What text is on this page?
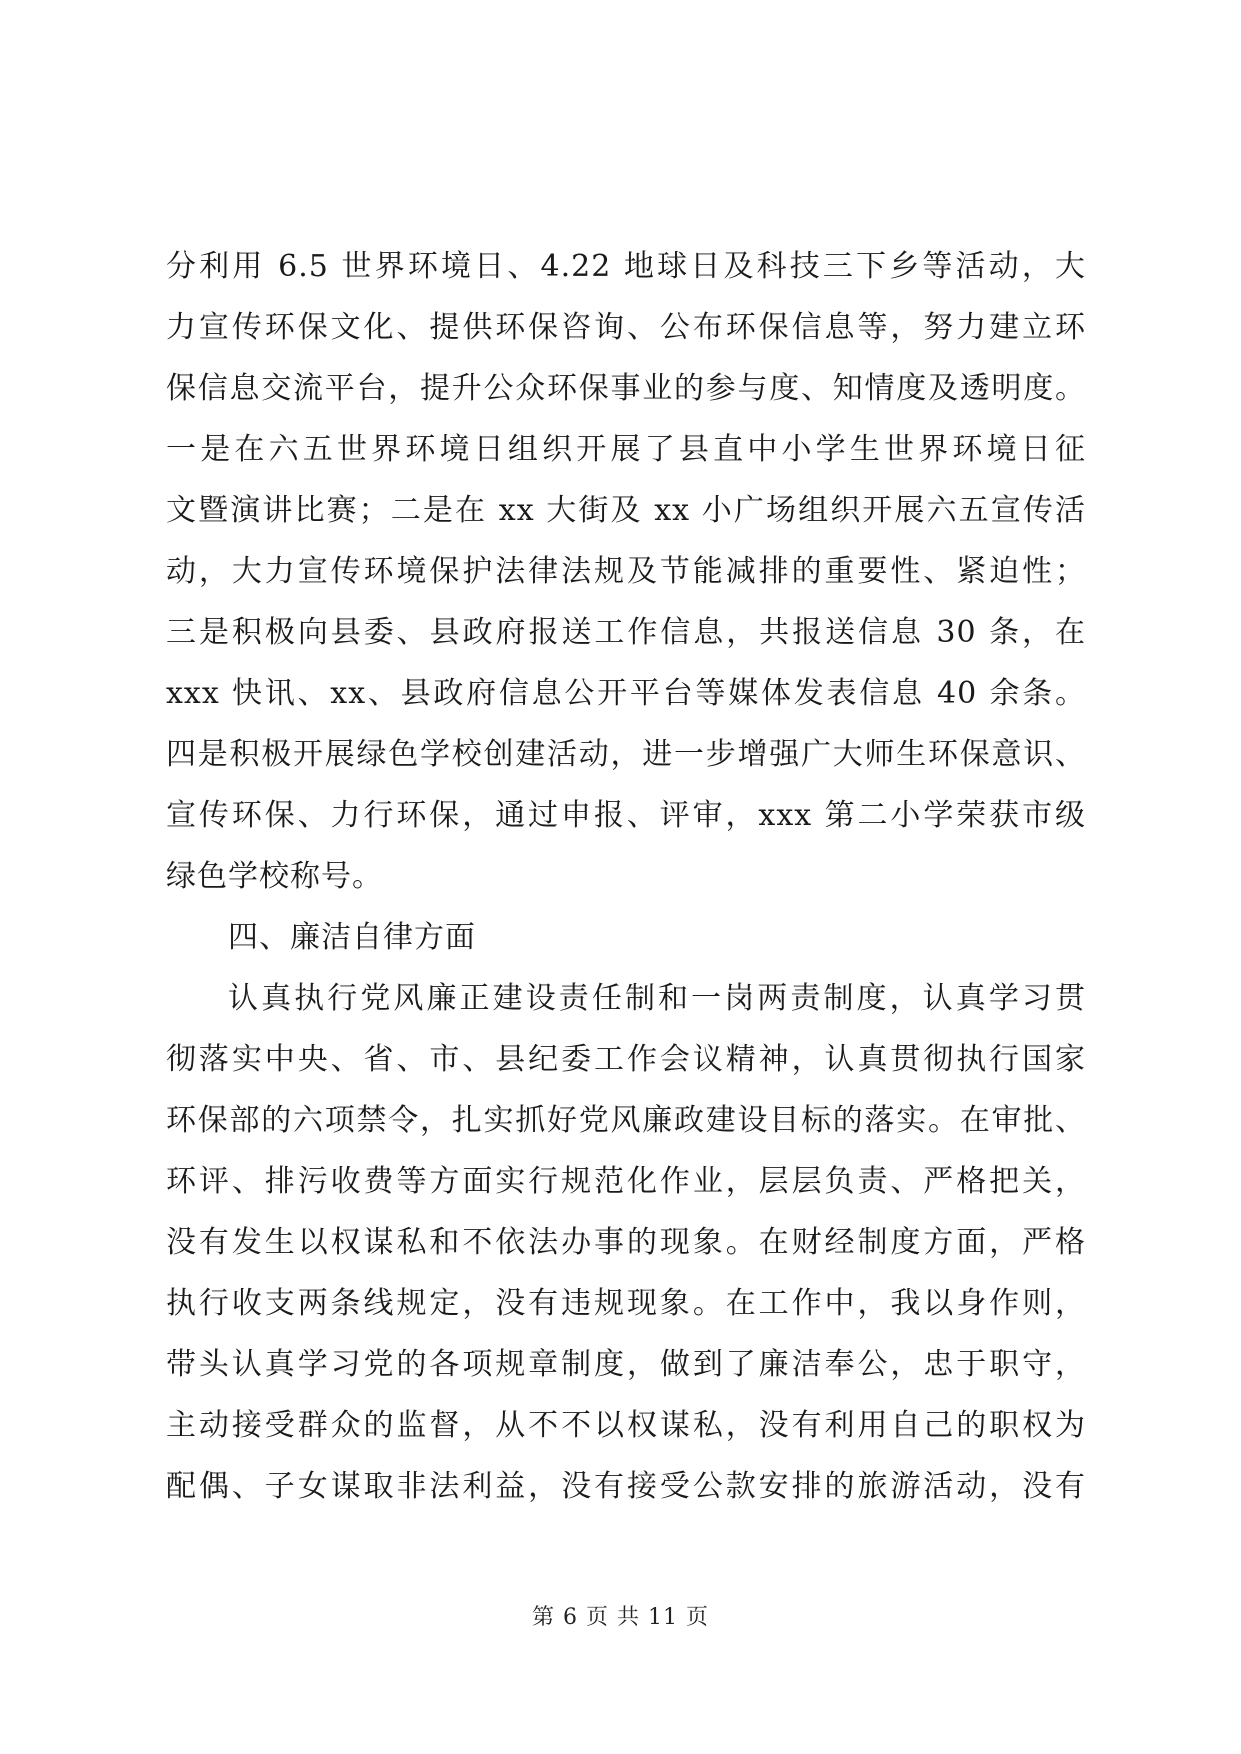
分利用 6.5 世界环境日、4.22 地球日及科技三下乡等活动，大
力宣传环保文化、提供环保咨询、公布环保信息等，努力建立环
保信息交流平台，提升公众环保事业的参与度、知情度及透明度。
一是在六五世界环境日组织开展了县直中小学生世界环境日征
文暨演讲比赛；二是在 xx 大街及 xx 小广场组织开展六五宣传活
动，大力宣传环境保护法律法规及节能减排的重要性、紧迫性；
三是积极向县委、县政府报送工作信息，共报送信息 30 条，在
xxx 快讯、xx、县政府信息公开平台等媒体发表信息 40 余条。
四是积极开展绿色学校创建活动，进一步增强广大师生环保意识、
宣传环保、力行环保，通过申报、评审，xxx 第二小学荣获市级
绿色学校称号。
四、廉洁自律方面
认真执行党风廉正建设责任制和一岗两责制度，认真学习贯
彻落实中央、省、市、县纪委工作会议精神，认真贯彻执行国家
环保部的六项禁令，扎实抓好党风廉政建设目标的落实。在审批、
环评、排污收费等方面实行规范化作业，层层负责、严格把关，
没有发生以权谋私和不依法办事的现象。在财经制度方面，严格
执行收支两条线规定，没有违规现象。在工作中，我以身作则，
带头认真学习党的各项规章制度，做到了廉洁奉公，忠于职守，
主动接受群众的监督，从不不以权谋私，没有利用自己的职权为
配偶、子女谋取非法利益，没有接受公款安排的旅游活动，没有
第 6 页 共 11 页
